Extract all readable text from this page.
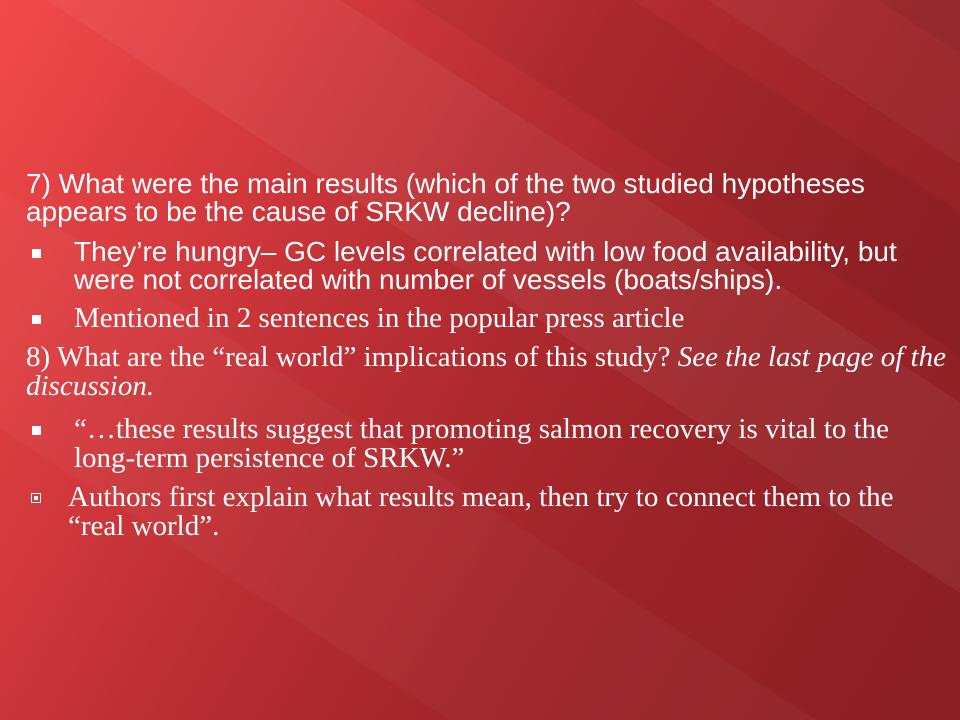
7) What were the main results (which of the two studied hypotheses appears to be the cause of SRKW decline)?

They’re hungry– GC levels correlated with low food availability, but were not correlated with number of vessels (boats/ships).
Mentioned in 2 sentences in the popular press article

8) What are the “real world” implications of this study? See the last page of the discussion.

“…these results suggest that promoting salmon recovery is vital to the long-term persistence of SRKW.”
Authors first explain what results mean, then try to connect them to the “real world”.
